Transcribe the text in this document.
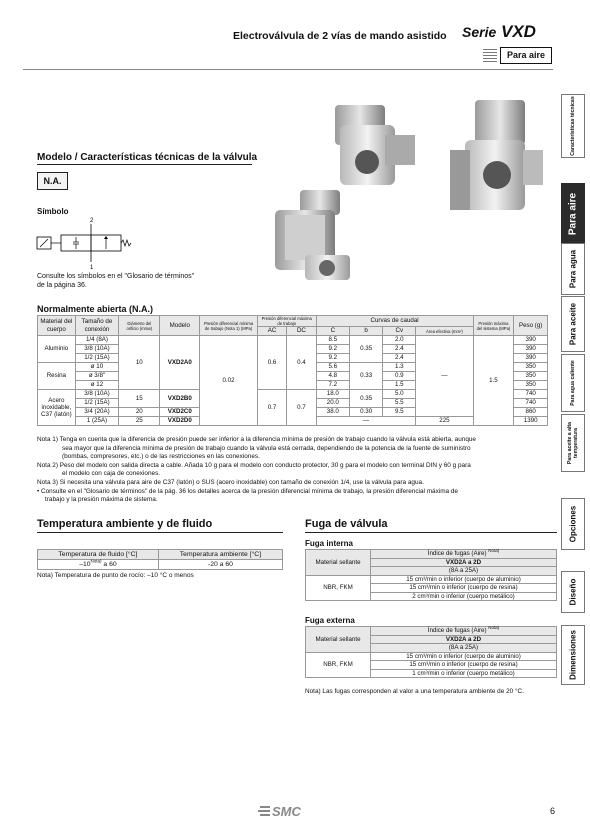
Electroválvula de 2 vías de mando asistido Serie VXD
Para aire
Modelo / Características técnicas de la válvula
N.A.
Símbolo
2
1
Consulte los símbolos en el "Glosario de términos" de la página 36.
Normalmente abierta (N.A.)
Material del cuerpo	Tamaño de conexión	Diámetro del orificio (mmø)	Modelo	Presión diferencial mínima de trabajo (Nota 1) (MPa)	Presión diferencial máxima de trabajo		Curvas de caudal				Presión máxima del sistema (MPa)	Peso (g)
					AC	DC	C	b	Cv	Área efectiva (mm²)		
Aluminio	1/4 (8A)	10	VXD2A0	0.02	0.6	0.4	8.5	0.35	2.0	—	1.5	390
	3/8 (10A)						9.2		2.4			390
	1/2 (15A)						9.2		2.4			390
Resina	ø 10						5.6	0.33	1.3			350
	ø 3/8"						4.8		0.9			350
	ø 12						7.2		1.5			350
Acero inoxidable, C37 (latón)	3/8 (10A)	15	VXD2B0		0.7	0.7	18.0	0.35	5.0			740
	1/2 (15A)						20.0		5.5			740
	3/4 (20A)	20	VXD2C0				38.0	0.30	9.5			860
	1 (25A)	25	VXD2D0				—			225		1390

Nota 1) Tenga en cuenta que la diferencia de presión puede ser inferior a la diferencia mínima de presión de trabajo cuando la válvula está abierta, aunque

sea mayor que la diferencia mínima de presión de trabajo cuando la válvula está cerrada, dependiendo de la potencia de la fuente de suministro

(bombas, compresores, etc.) o de las restricciones en las conexiones.

Nota 2) Peso del modelo con salida directa a cable. Añada 10 g para el modelo con conducto protector, 30 g para el modelo con terminal DIN y 60 g para

el modelo con caja de conexiones.

Nota 3) Si necesita una válvula para aire de C37 (latón) o SUS (acero inoxidable) con tamaño de conexión 1/4, use la válvula para agua.

• Consulte en el "Glosario de términos" de la pág. 36 los detalles acerca de la presión diferencial mínima de trabajo, la presión diferencial máxima de

trabajo y la presión máxima de sistema.

Temperatura ambiente y de fluido
Temperatura de fluido [°C]	Temperatura ambiente [°C]
$-10^{Nota)}$ a 60	-20 a 60
Nota) Temperatura de punto de rocío: –10 °C o menos
Fuga de válvula
Fuga interna
Material sellante	Índice de fugas (Aire) $^{Nota)}$
	VXD2A a 2D
	(8A a 25A)
NBR, FKM	15 cm³/min o inferior (cuerpo de aluminio)
	15 cm³/min o inferior (cuerpo de resina)
	2 cm³/min o inferior (cuerpo metálico)
Fuga externa
Material sellante	Índice de fugas (Aire) $^{Nota)}$
	VXD2A a 2D
	(8A a 25A)
NBR, FKM	15 cm³/min o inferior (cuerpo de aluminio)
	15 cm³/min o inferior (cuerpo de resina)
	1 cm³/min o inferior (cuerpo metálico)
Nota) Las fugas corresponden al valor a una temperatura ambiente de 20 °C.
Características técnicas
Para aire
Para agua
Para aceite
Para agua caliente
Para aceite a alta temperatura
Opciones
Diseño
Dimensiones
SMC	6
